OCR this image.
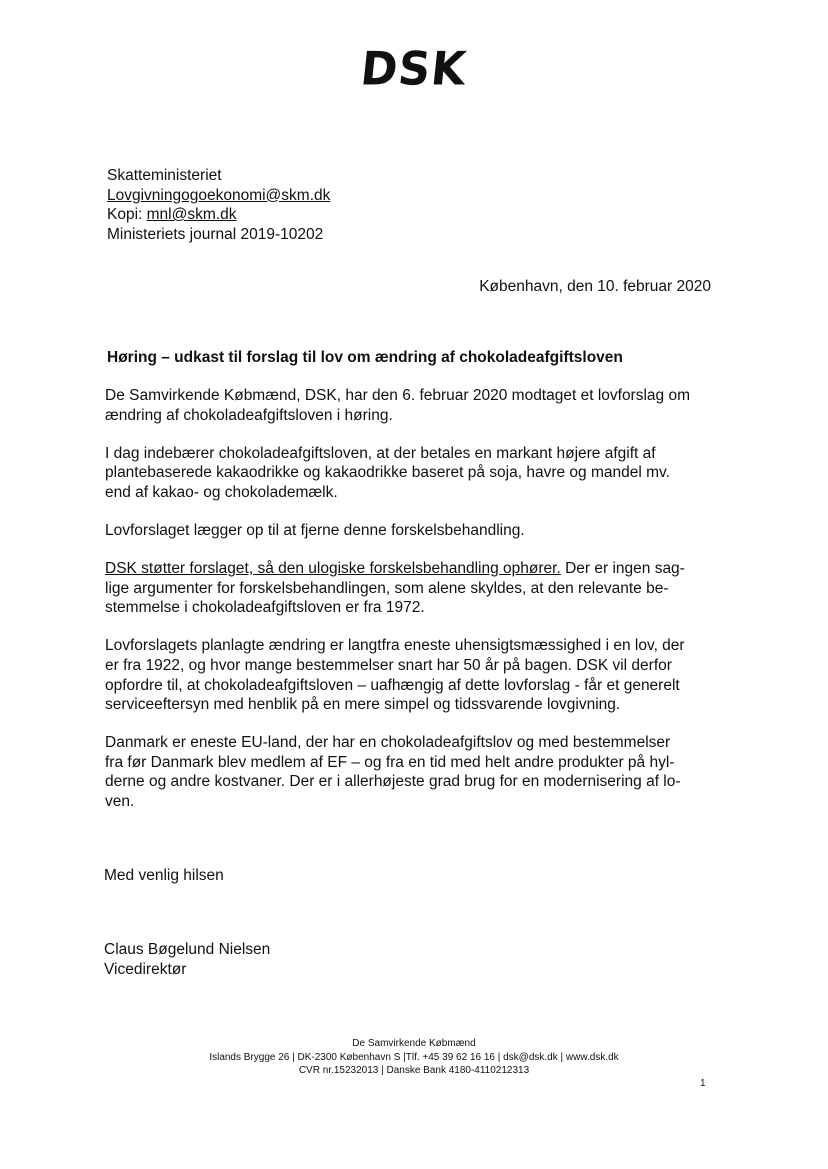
DSK
Skatteministeriet
Lovgivningogoekonomi@skm.dk
Kopi: mnl@skm.dk
Ministeriets journal 2019-10202
København, den 10. februar 2020
Høring – udkast til forslag til lov om ændring af chokoladeafgiftsloven

De Samvirkende Købmænd, DSK, har den 6. februar 2020 modtaget et lovforslag om
ændring af chokoladeafgiftsloven i høring.

I dag indebærer chokoladeafgiftsloven, at der betales en markant højere afgift af
plantebaserede kakaodrikke og kakaodrikke baseret på soja, havre og mandel mv.
end af kakao- og chokolademælk.

Lovforslaget lægger op til at fjerne denne forskelsbehandling.

DSK støtter forslaget, så den ulogiske forskelsbehandling ophører. Der er ingen sag-
lige argumenter for forskelsbehandlingen, som alene skyldes, at den relevante be-
stemmelse i chokoladeafgiftsloven er fra 1972.

Lovforslagets planlagte ændring er langtfra eneste uhensigtsmæssighed i en lov, der
er fra 1922, og hvor mange bestemmelser snart har 50 år på bagen. DSK vil derfor
opfordre til, at chokoladeafgiftsloven – uafhængig af dette lovforslag - får et generelt
serviceeftersyn med henblik på en mere simpel og tidssvarende lovgivning.

Danmark er eneste EU-land, der har en chokoladeafgiftslov og med bestemmelser
fra før Danmark blev medlem af EF – og fra en tid med helt andre produkter på hyl-
derne og andre kostvaner. Der er i allerhøjeste grad brug for en modernisering af lo-
ven.

Med venlig hilsen
Claus Bøgelund Nielsen
Vicedirektør
De Samvirkende Købmænd
Islands Brygge 26 | DK-2300 København S |Tlf. +45 39 62 16 16 | dsk@dsk.dk | www.dsk.dk
CVR nr.15232013 | Danske Bank 4180-4110212313
1
